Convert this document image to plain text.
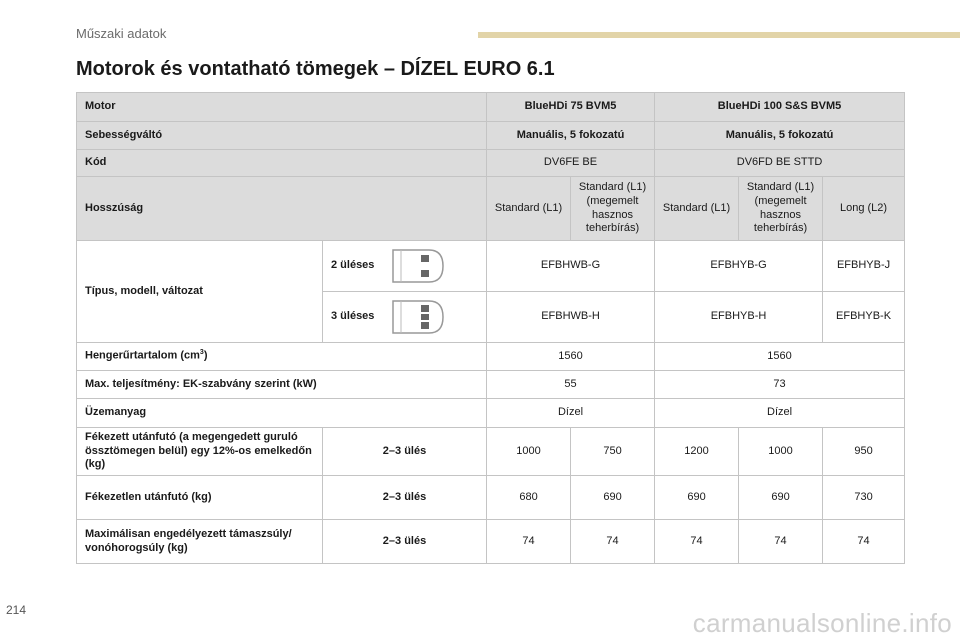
Műszaki adatok
Motorok és vontatható tömegek – DÍZEL EURO 6.1
Motor		BlueHDi 75 BVM5		BlueHDi 100 S&S BVM5		
Sebességváltó		Manuális, 5 fokozatú		Manuális, 5 fokozatú		
Kód		DV6FE BE		DV6FD BE STTD		
Hosszúság		Standard (L1)	Standard (L1) (megemelt hasznos teherbírás)	Standard (L1)	Standard (L1) (megemelt hasznos teherbírás)	Long (L2)
Típus, modell, változat	2 üléses	EFBHWB-G		EFBHYB-G		EFBHYB-J
	3 üléses	EFBHWB-H		EFBHYB-H		EFBHYB-K
Hengerűrtartalom $(cm^3)$		1560		1560		
Max. teljesítmény: EK-szabvány szerint (kW)		55		73		
Üzemanyag		Dízel		Dízel		
Fékezett utánfutó (a megengedett guruló össztömegen belül) egy 12%-os emelkedőn (kg)	2–3 ülés	1000	750	1200	1000	950
Fékezetlen utánfutó (kg)	2–3 ülés	680	690	690	690	730
Maximálisan engedélyezett támaszsúly/ vonóhorogsúly (kg)	2–3 ülés	74	74	74	74	74
214	carmanualsonline.info
